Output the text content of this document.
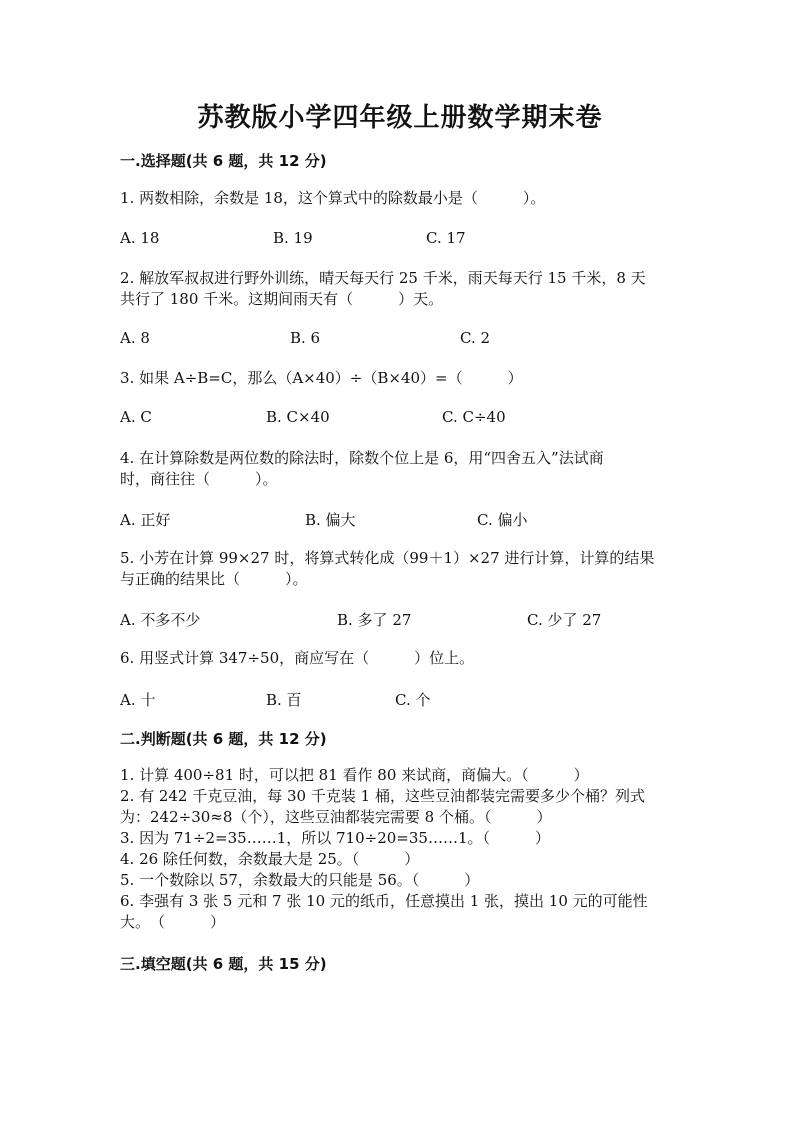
苏教版小学四年级上册数学期末卷
一.选择题(共 6 题，共 12 分)
1. 两数相除，余数是 18，这个算式中的除数最小是（　　　）。
A. 18	B. 19	C. 17
2. 解放军叔叔进行野外训练，晴天每天行 25 千米，雨天每天行 15 千米，8 天
共行了 180 千米。这期间雨天有（　　　）天。
A. 8	B. 6	C. 2
3. 如果 A÷B=C，那么（A×40）÷（B×40）=（　　　）
A. C	B. C×40	C. C÷40
4. 在计算除数是两位数的除法时，除数个位上是 6，用“四舍五入”法试商
时，商往往（　　　）。
A. 正好	B. 偏大	C. 偏小
5. 小芳在计算 99×27 时，将算式转化成（99＋1）×27 进行计算，计算的结果
与正确的结果比（　　　）。
A. 不多不少	B. 多了 27	C. 少了 27
6. 用竖式计算 347÷50，商应写在（　　　）位上。
A. 十	B. 百	C. 个
二.判断题(共 6 题，共 12 分)
1. 计算 400÷81 时，可以把 81 看作 80 来试商，商偏大。（　　　）
2. 有 242 千克豆油，每 30 千克装 1 桶，这些豆油都装完需要多少个桶？列式
为：242÷30≈8（个），这些豆油都装完需要 8 个桶。（　　　）
3. 因为 71÷2=35……1，所以 710÷20=35……1。（　　　）
4. 26 除任何数，余数最大是 25。（　　　）
5. 一个数除以 57，余数最大的只能是 56。（　　　）
6. 李强有 3 张 5 元和 7 张 10 元的纸币，任意摸出 1 张，摸出 10 元的可能性
大。　（　　　）
三.填空题(共 6 题，共 15 分)
